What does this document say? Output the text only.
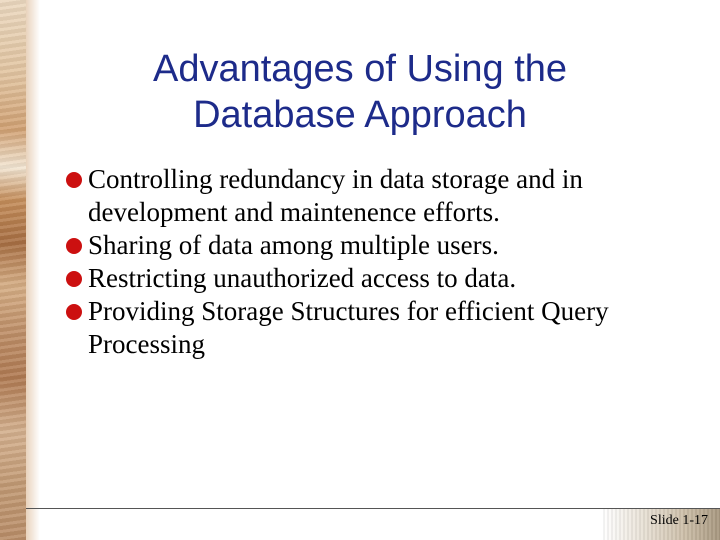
Advantages of Using the
Database Approach
Controlling redundancy in data storage and in development and maintenence efforts.
Sharing of data among multiple users.
Restricting unauthorized access to data.
Providing Storage Structures for efficient Query Processing
Slide 1-17
